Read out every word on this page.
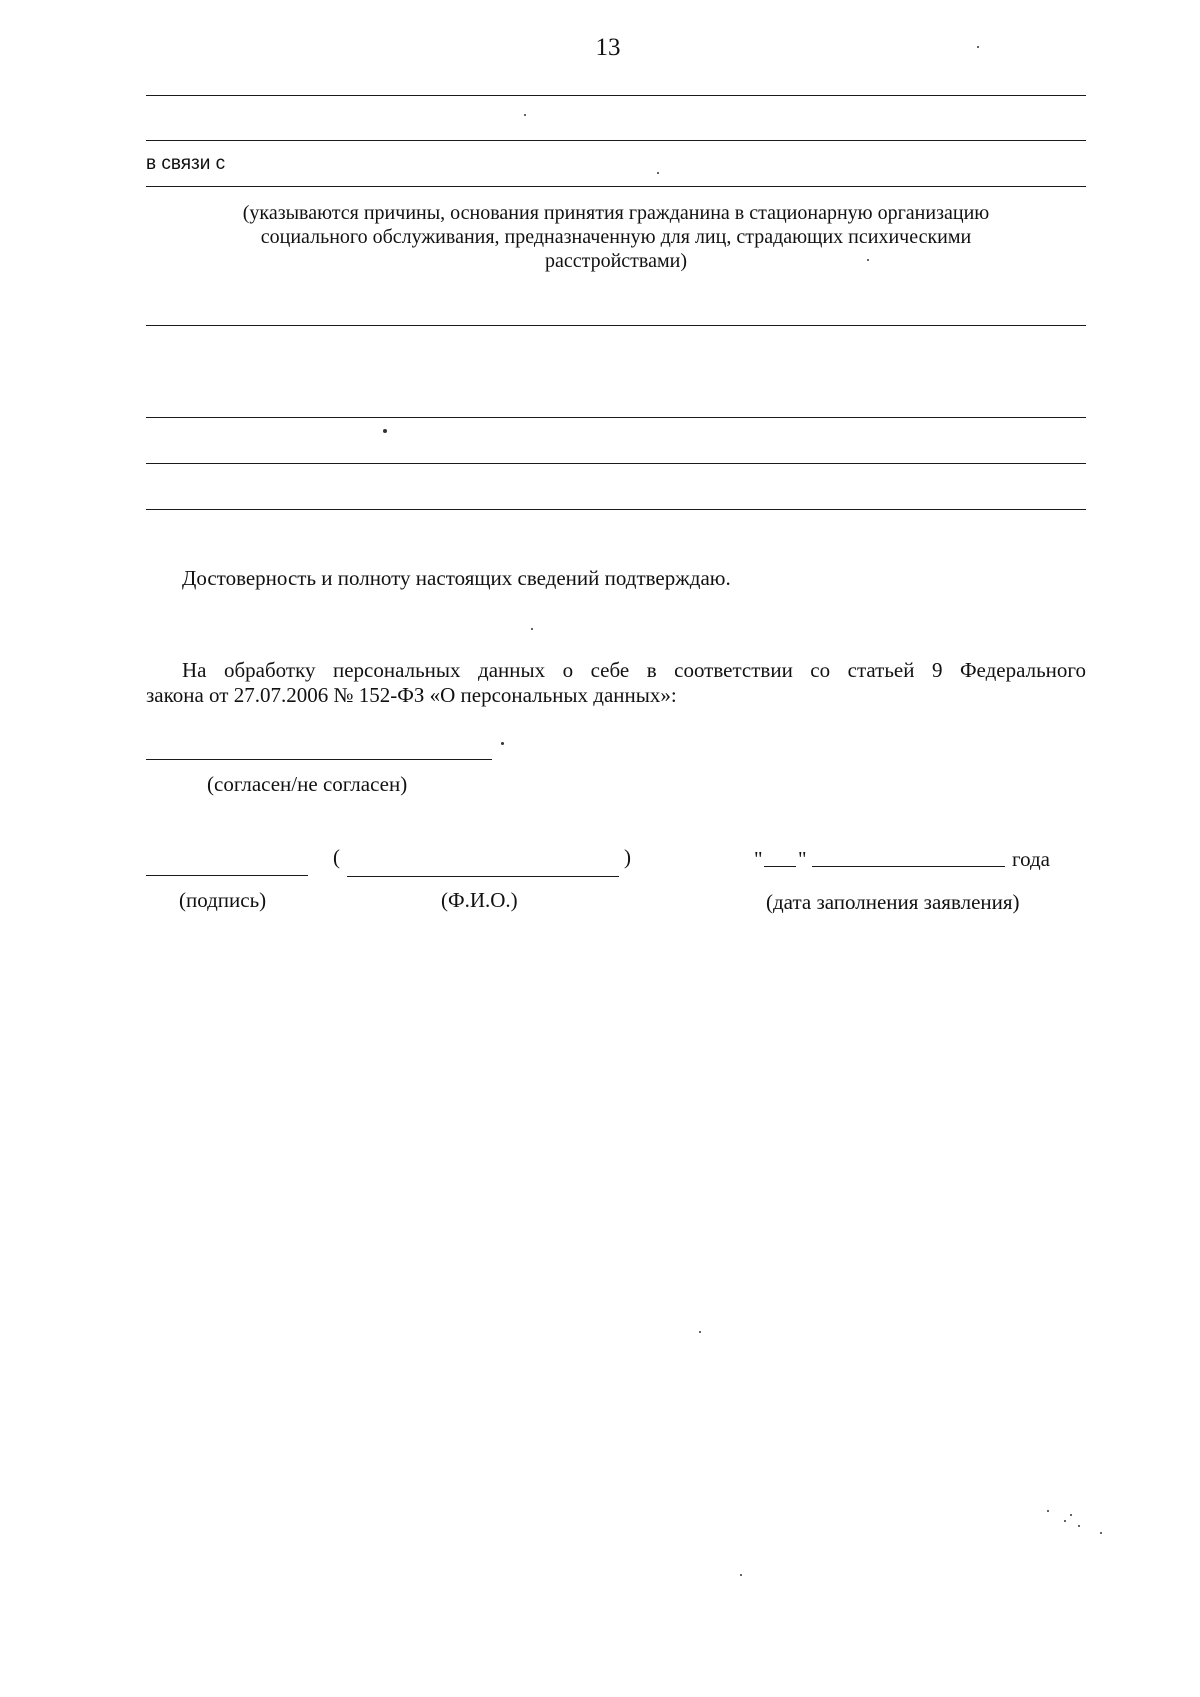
13
в связи с
(указываются причины, основания принятия гражданина в стационарную организацию
социального обслуживания, предназначенную для лиц, страдающих психическими
расстройствами)
Достоверность и полноту настоящих сведений подтверждаю.
На обработку персональных данных о себе в соответствии со статьей 9 Федерального
закона от 27.07.2006 № 152-ФЗ «О персональных данных»:
(согласен/не согласен)
(	)	" "	года
(подпись)	(Ф.И.О.)	(дата заполнения заявления)
